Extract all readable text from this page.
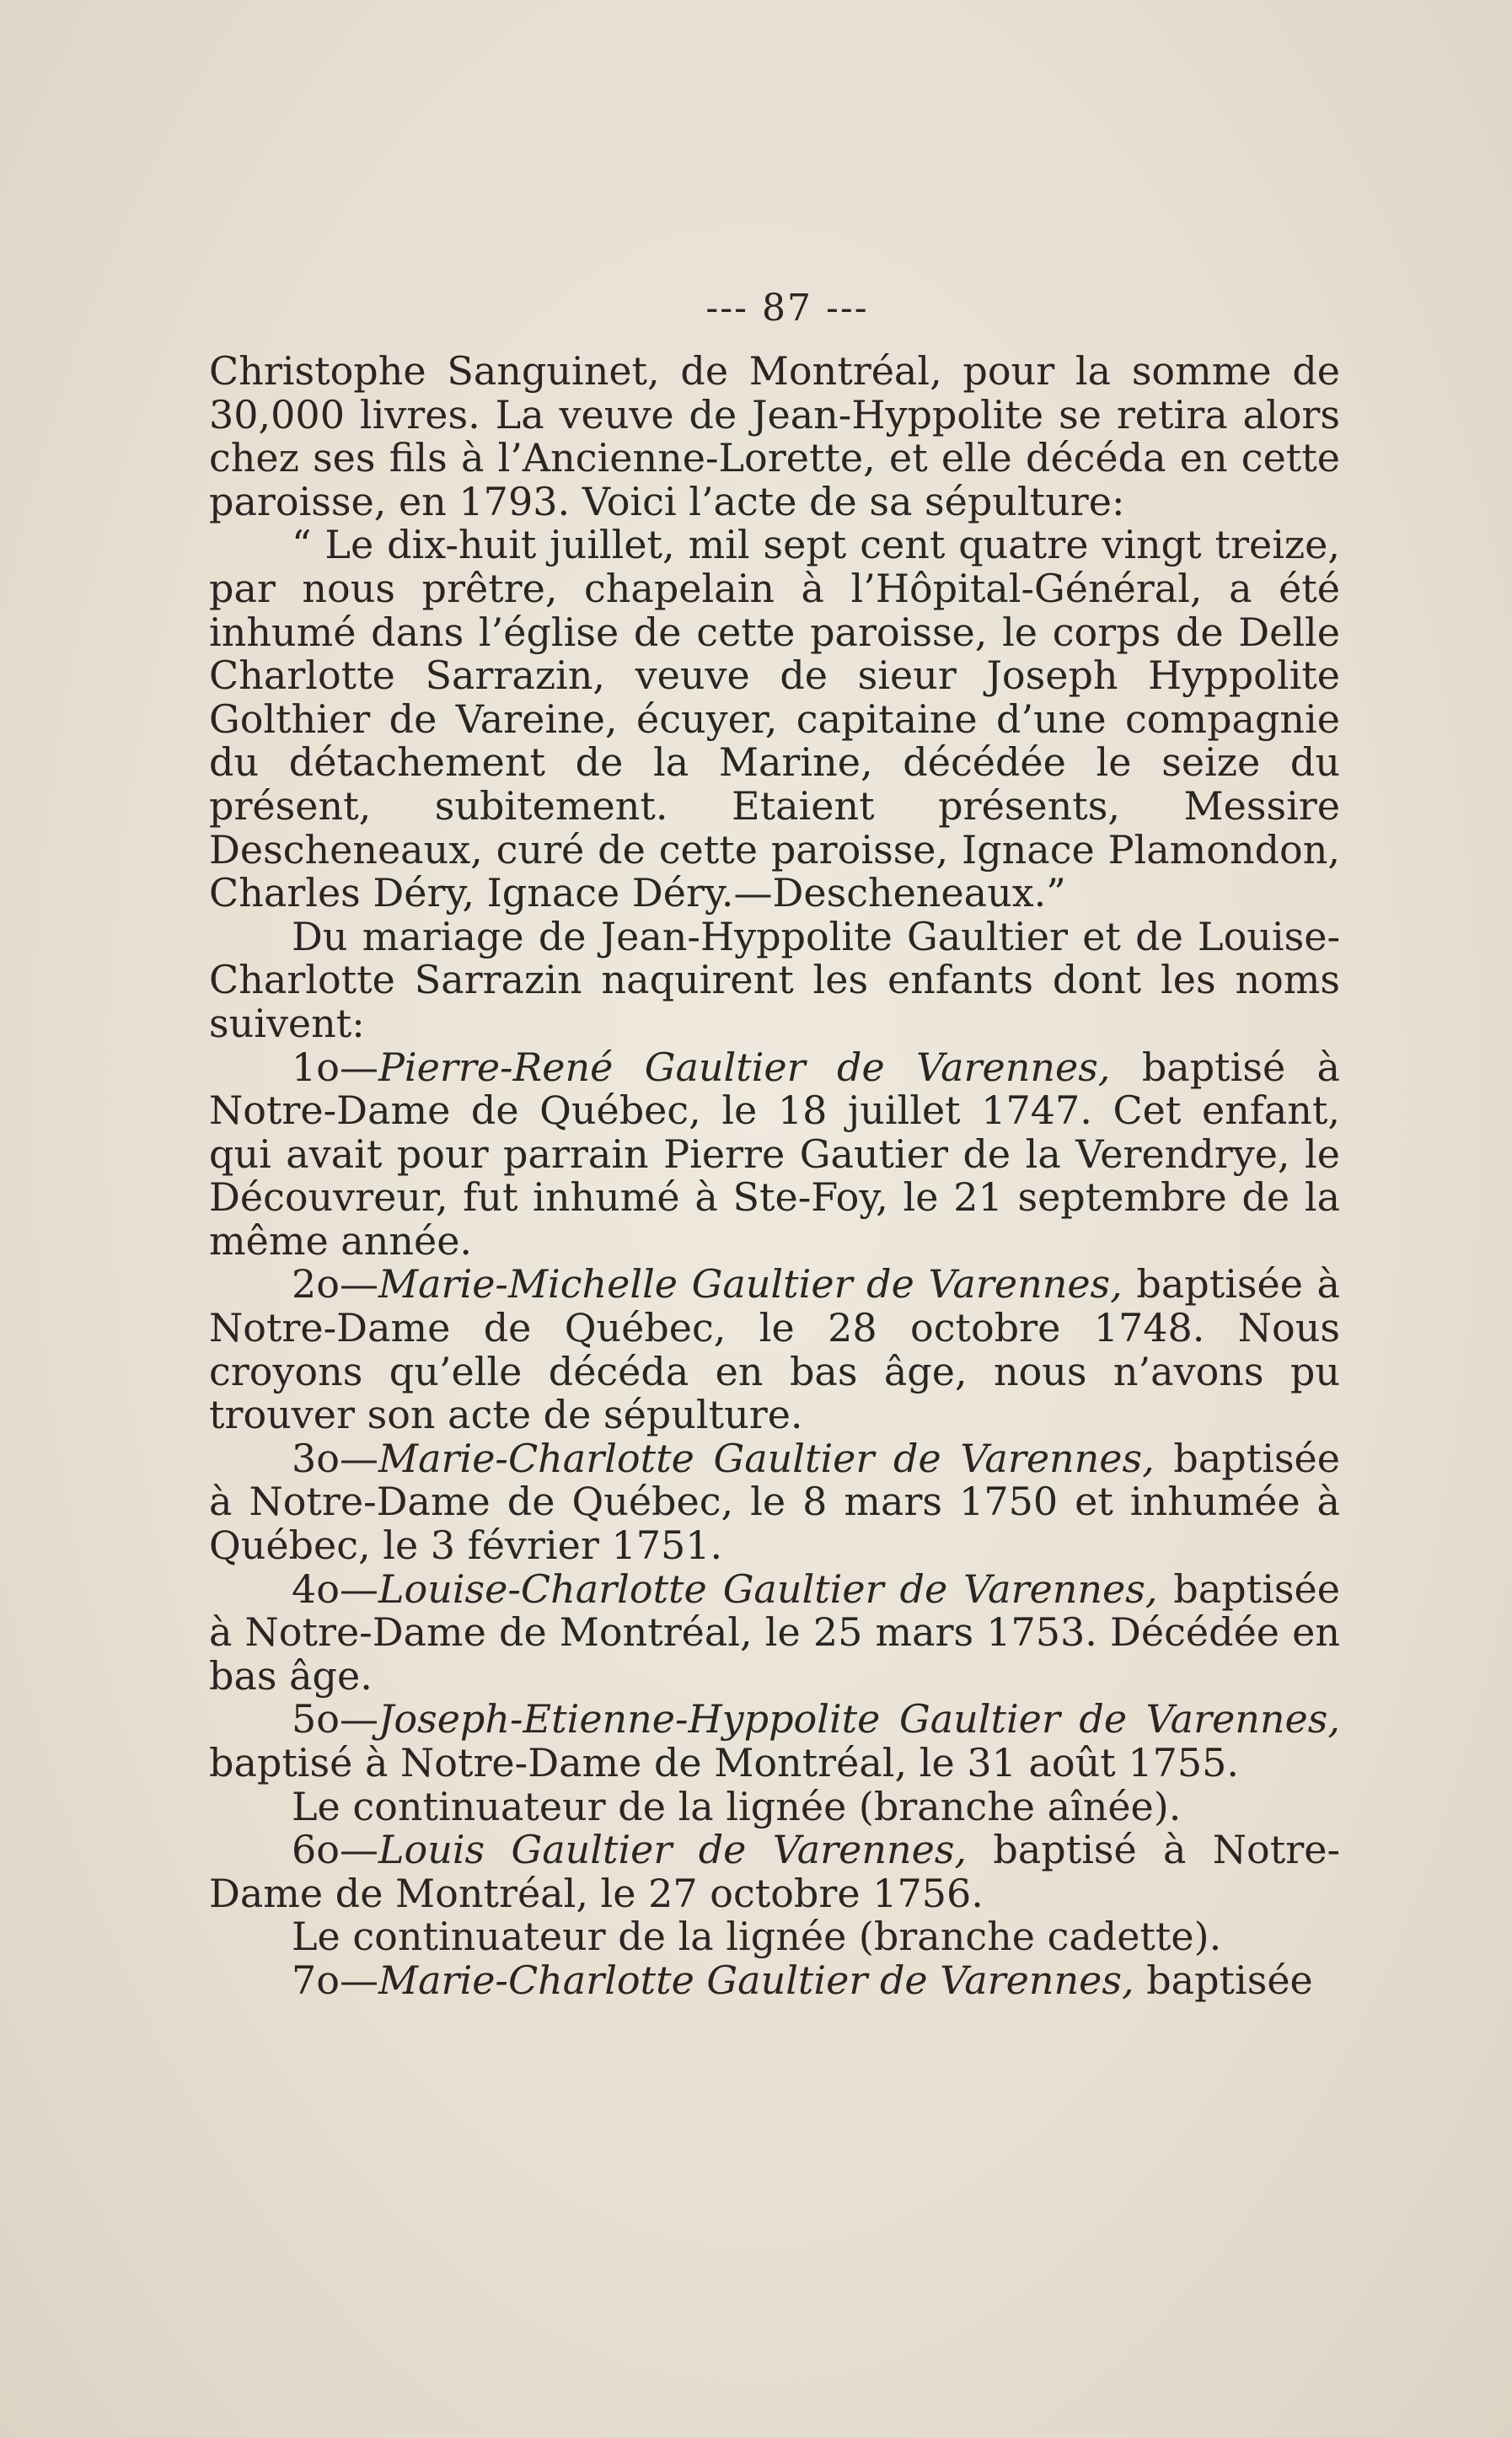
--- 87 ---

Christophe Sanguinet, de Montréal, pour la somme de 30,000 livres. La veuve de Jean-Hyppolite se retira alors chez ses fils à l’Ancienne-Lorette, et elle décéda en cette paroisse, en 1793. Voici l’acte de sa sépulture:

“ Le dix-huit juillet, mil sept cent quatre vingt treize, par nous prêtre, chapelain à l’Hôpital-Général, a été inhumé dans l’église de cette paroisse, le corps de Delle Charlotte Sarrazin, veuve de sieur Joseph Hyppolite Golthier de Vareine, écuyer, capitaine d’une compagnie du détachement de la Marine, décédée le seize du présent, subitement. Etaient présents, Messire Descheneaux, curé de cette paroisse, Ignace Plamondon, Charles Déry, Ignace Déry.—Descheneaux.”

Du mariage de Jean-Hyppolite Gaultier et de Louise-Charlotte Sarrazin naquirent les enfants dont les noms suivent:

1o—Pierre-René Gaultier de Varennes, baptisé à Notre-Dame de Québec, le 18 juillet 1747. Cet enfant, qui avait pour parrain Pierre Gautier de la Verendrye, le Découvreur, fut inhumé à Ste-Foy, le 21 septembre de la même année.

2o—Marie-Michelle Gaultier de Varennes, baptisée à Notre-Dame de Québec, le 28 octobre 1748. Nous croyons qu’elle décéda en bas âge, nous n’avons pu trouver son acte de sépulture.

3o—Marie-Charlotte Gaultier de Varennes, baptisée à Notre-Dame de Québec, le 8 mars 1750 et inhumée à Québec, le 3 février 1751.

4o—Louise-Charlotte Gaultier de Varennes, baptisée à Notre-Dame de Montréal, le 25 mars 1753. Décédée en bas âge.

5o—Joseph-Etienne-Hyppolite Gaultier de Varennes, baptisé à Notre-Dame de Montréal, le 31 août 1755.

Le continuateur de la lignée (branche aînée).

6o—Louis Gaultier de Varennes, baptisé à Notre-Dame de Montréal, le 27 octobre 1756.

Le continuateur de la lignée (branche cadette).

7o—Marie-Charlotte Gaultier de Varennes, baptisée
